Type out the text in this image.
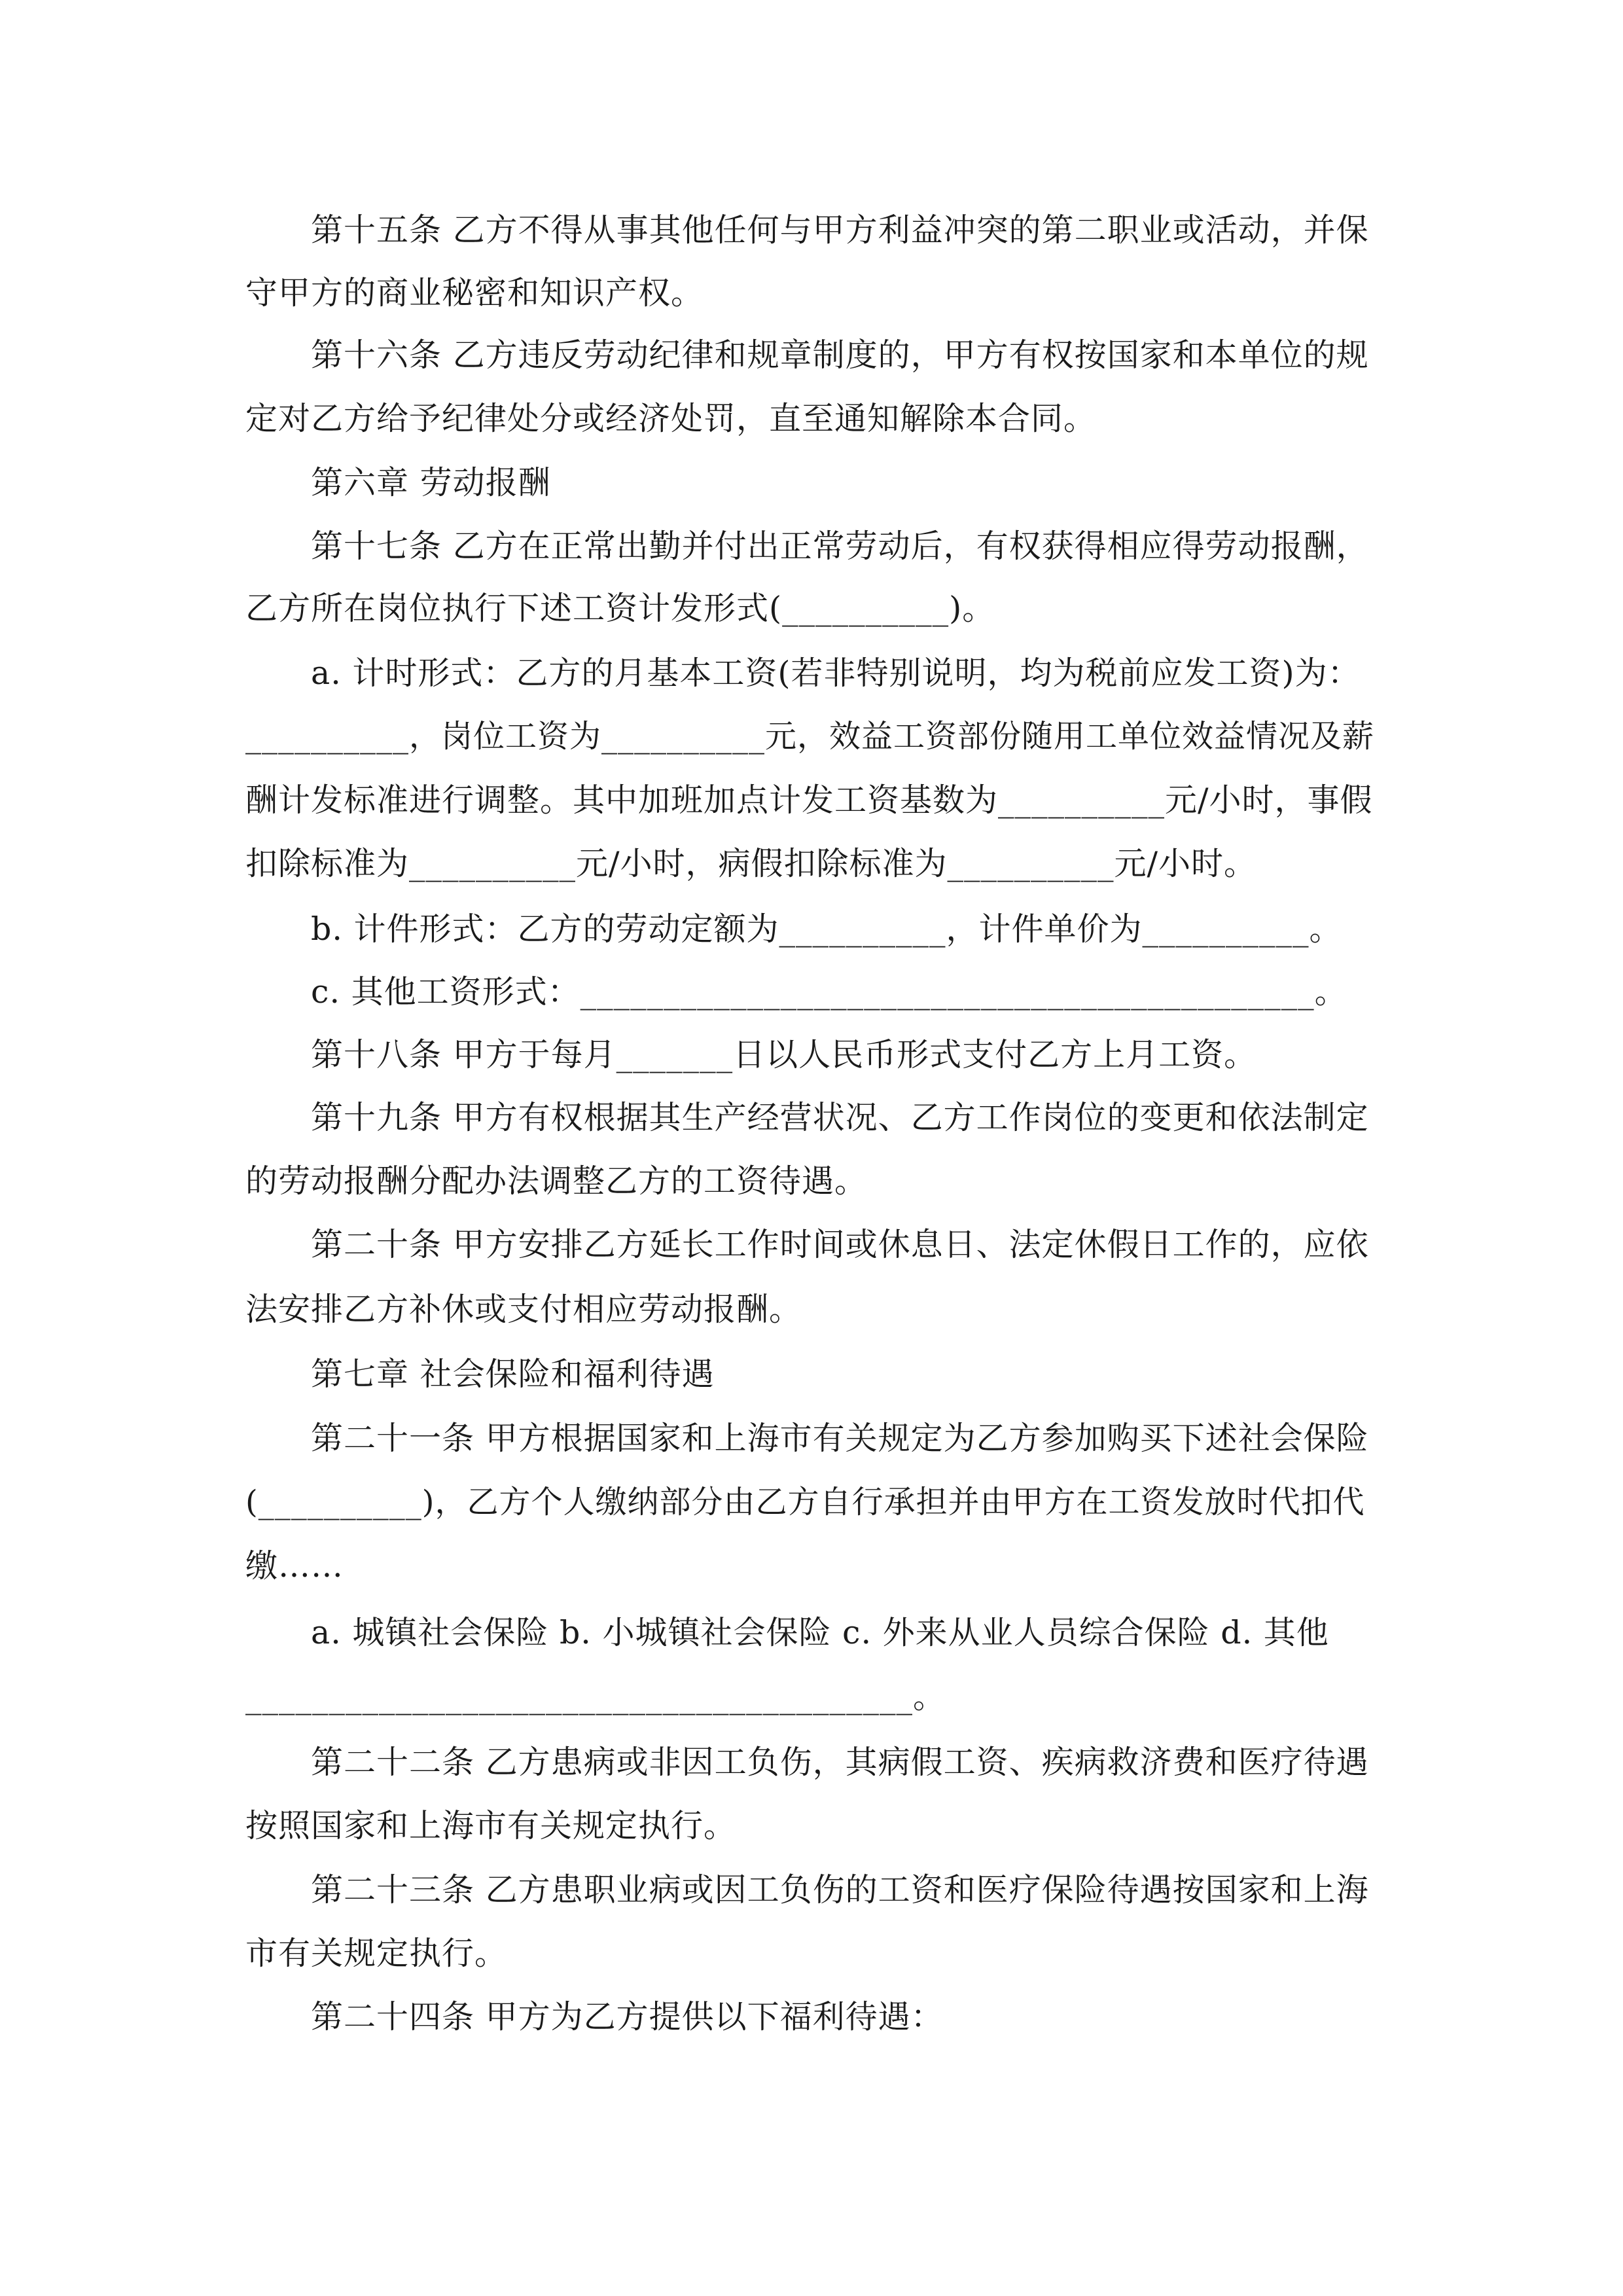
第十五条 乙方不得从事其他任何与甲方利益冲突的第二职业或活动，并保
守甲方的商业秘密和知识产权。
第十六条 乙方违反劳动纪律和规章制度的，甲方有权按国家和本单位的规
定对乙方给予纪律处分或经济处罚，直至通知解除本合同。
第六章 劳动报酬
第十七条 乙方在正常出勤并付出正常劳动后，有权获得相应得劳动报酬，
乙方所在岗位执行下述工资计发形式(__________)。
a. 计时形式：乙方的月基本工资(若非特别说明，均为税前应发工资)为：
__________，岗位工资为__________元，效益工资部份随用工单位效益情况及薪
酬计发标准进行调整。其中加班加点计发工资基数为__________元/小时，事假
扣除标准为__________元/小时，病假扣除标准为__________元/小时。
b. 计件形式：乙方的劳动定额为__________，计件单价为__________。
c. 其他工资形式：____________________________________________。
第十八条 甲方于每月_______日以人民币形式支付乙方上月工资。
第十九条 甲方有权根据其生产经营状况、乙方工作岗位的变更和依法制定
的劳动报酬分配办法调整乙方的工资待遇。
第二十条 甲方安排乙方延长工作时间或休息日、法定休假日工作的，应依
法安排乙方补休或支付相应劳动报酬。
第七章 社会保险和福利待遇
第二十一条 甲方根据国家和上海市有关规定为乙方参加购买下述社会保险
(__________)，乙方个人缴纳部分由乙方自行承担并由甲方在工资发放时代扣代
缴……
a. 城镇社会保险 b. 小城镇社会保险 c. 外来从业人员综合保险 d. 其他
________________________________________。
第二十二条 乙方患病或非因工负伤，其病假工资、疾病救济费和医疗待遇
按照国家和上海市有关规定执行。
第二十三条 乙方患职业病或因工负伤的工资和医疗保险待遇按国家和上海
市有关规定执行。
第二十四条 甲方为乙方提供以下福利待遇：
